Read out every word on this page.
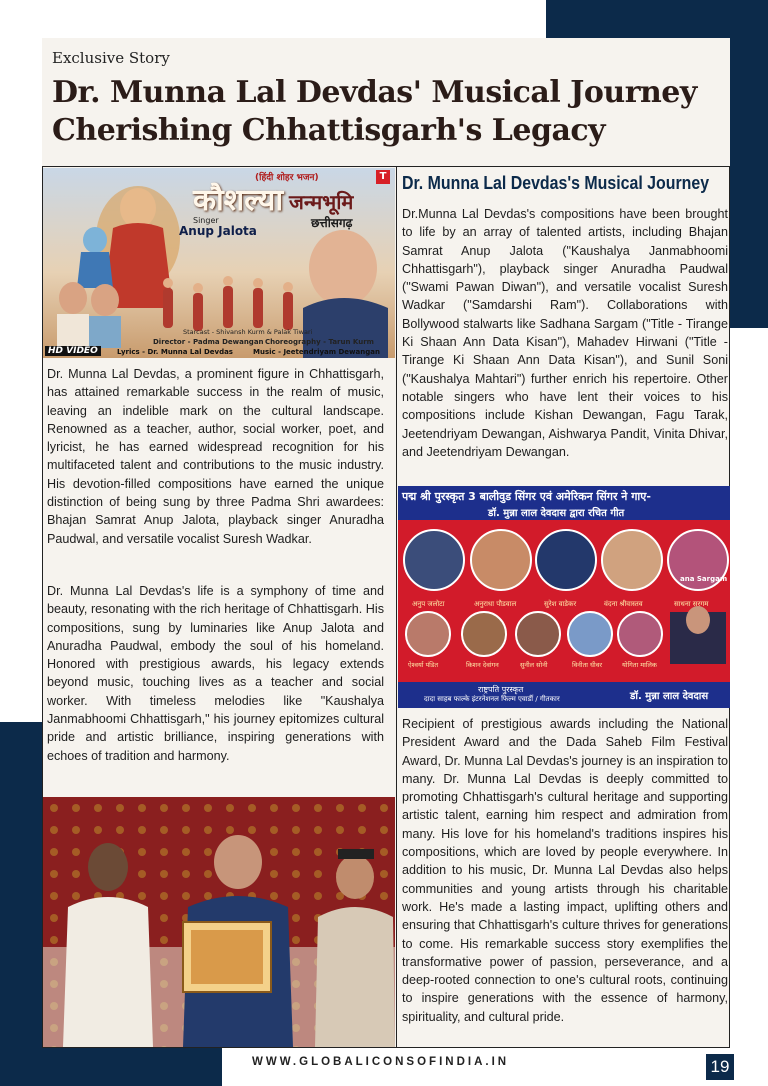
Exclusive Story
Dr. Munna Lal Devdas' Musical Journey
Cherishing Chhattisgarh's Legacy
(हिंदी शोहर भजन)
कौशल्या जन्मभूमि
छत्तीसगढ़
Singer
Anup Jalota
T
Starcast - Shivansh Kurm & Palak Tiwari
Director - Padma Dewangan Choreography - Tarun Kurm
HD VIDEO	Lyrics - Dr. Munna Lal Devdas	Music - Jeetendriyam Dewangan

Dr. Munna Lal Devdas, a prominent figure in Chhattisgarh, has attained remarkable success in the realm of music, leaving an indelible mark on the cultural landscape. Renowned as a teacher, author, social worker, poet, and lyricist, he has earned widespread recognition for his multifaceted talent and contributions to the music industry. His devotion-filled compositions have earned the unique distinction of being sung by three Padma Shri awardees: Bhajan Samrat Anup Jalota, playback singer Anuradha Paudwal, and versatile vocalist Suresh Wadkar.

Dr. Munna Lal Devdas's life is a symphony of time and beauty, resonating with the rich heritage of Chhattisgarh. His compositions, sung by luminaries like Anup Jalota and Anuradha Paudwal, embody the soul of his homeland. Honored with prestigious awards, his legacy extends beyond music, touching lives as a teacher and social worker. With timeless melodies like "Kaushalya Janmabhoomi Chhattisgarh," his journey epitomizes cultural pride and artistic brilliance, inspiring generations with echoes of tradition and harmony.

Dr. Munna Lal Devdas's Musical Journey

Dr.Munna Lal Devdas's compositions have been brought to life by an array of talented artists, including Bhajan Samrat Anup Jalota ("Kaushalya Janmabhoomi Chhattisgarh"), playback singer Anuradha Paudwal ("Swami Pawan Diwan"), and versatile vocalist Suresh Wadkar ("Samdarshi Ram"). Collaborations with Bollywood stalwarts like Sadhana Sargam ("Title - Tirange Ki Shaan Ann Data Kisan"), Mahadev Hirwani ("Title - Tirange Ki Shaan Ann Data Kisan"), and Sunil Soni ("Kaushalya Mahtari") further enrich his repertoire. Other notable singers who have lent their voices to his compositions include Kishan Dewangan, Fagu Tarak, Jeetendriyam Dewangan, Aishwarya Pandit, Vinita Dhivar, and Jeetendriyam Dewangan.

पद्म श्री पुरस्कृत 3 बालीवुड सिंगर एवं अमेरिकन सिंगर ने गाए-
डॉ. मुन्ना लाल देवदास द्वारा रचित गीत
अनुप जलोटा	अनुराधा पौडवाल	सुरेश वाडेकर	वंदना श्रीवास्तव	साधना सरगम
ana Sargam
ऐश्वर्या पंडित	किशन देवांगन	सुनील सोनी	विनीता धीवर	योगिता मालिक
राष्ट्रपति पुरस्कृत
दादा साहब फाल्के इंटरनेशनल फिल्म एवार्डी / गीतकार	डॉ. मुन्ना लाल देवदास

Recipient of prestigious awards including the National President Award and the Dada Saheb Film Festival Award, Dr. Munna Lal Devdas's journey is an inspiration to many. Dr. Munna Lal Devdas is deeply committed to promoting Chhattisgarh's cultural heritage and supporting artistic talent, earning him respect and admiration from many. His love for his homeland's traditions inspires his compositions, which are loved by people everywhere. In addition to his music, Dr. Munna Lal Devdas also helps communities and young artists through his charitable work. He's made a lasting impact, uplifting others and ensuring that Chhattisgarh's culture thrives for generations to come. His remarkable success story exemplifies the transformative power of passion, perseverance, and a deep-rooted connection to one's cultural roots, continuing to inspire generations with the essence of harmony, spirituality, and cultural pride.

WWW.GLOBALICONSOFINDIA.IN	19
